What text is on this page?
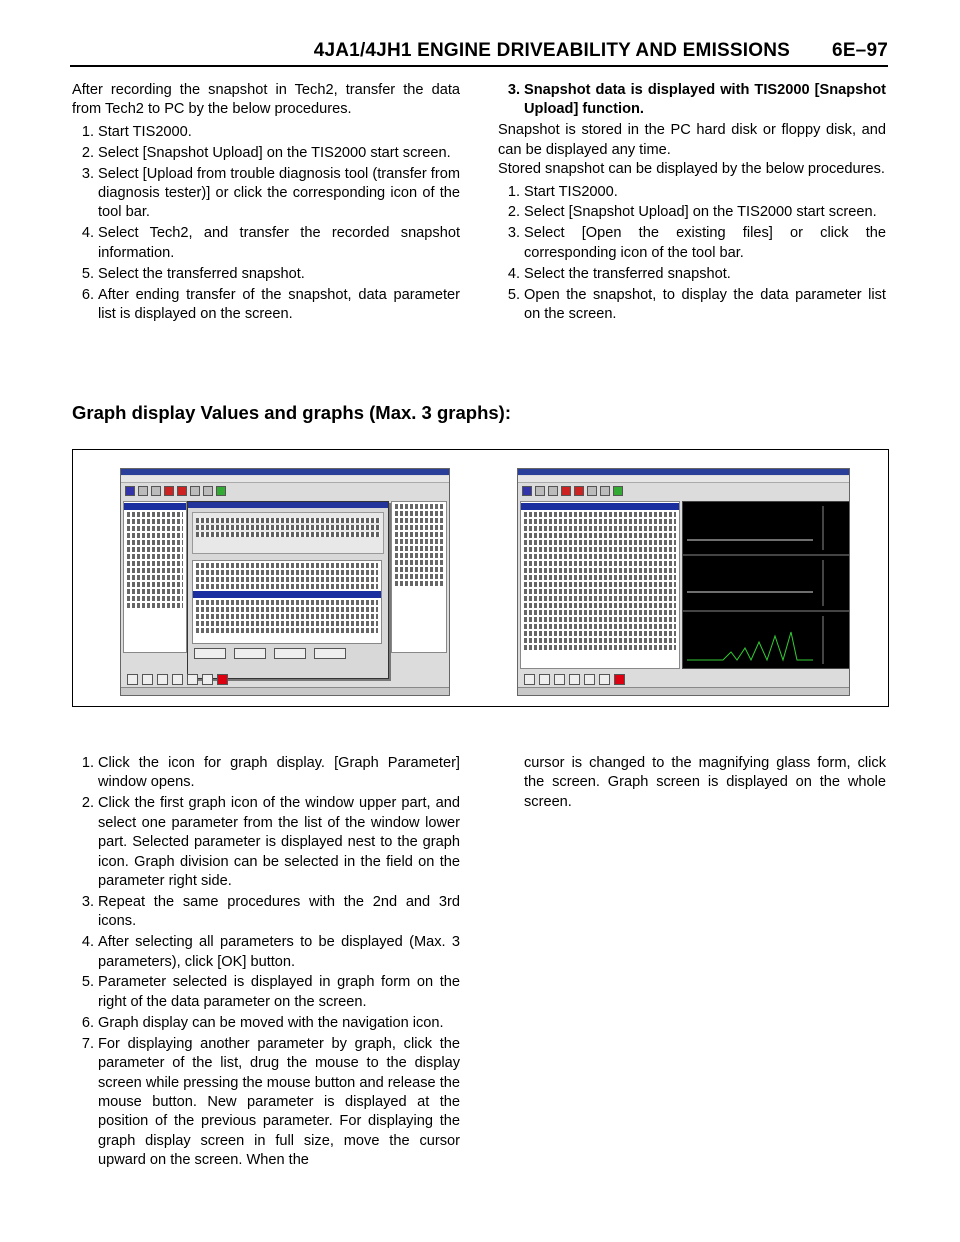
4JA1/4JH1 ENGINE DRIVEABILITY AND EMISSIONS 6E–97

After recording the snapshot in Tech2, transfer the data from Tech2 to PC by the below procedures.

1 . Start TIS2000.
2 . Select [Snapshot Upload] on the TIS2000 start screen.
3 . Select [Upload from trouble diagnosis tool (transfer from diagnosis tester)] or click the corresponding icon of the tool bar.
4 . Select Tech2, and transfer the recorded snapshot information.
5 . Select the transferred snapshot.
6 . After ending transfer of the snapshot, data parameter list is displayed on the screen.
3 . Snapshot data is displayed with TIS2000 [Snapshot Upload] function.

Snapshot is stored in the PC hard disk or floppy disk, and can be displayed any time.

Stored snapshot can be displayed by the below procedures.

1 . Start TIS2000.
2 . Select [Snapshot Upload] on the TIS2000 start screen.
3 . Select [Open the existing files] or click the corresponding icon of the tool bar.
4 . Select the transferred snapshot.
5 . Open the snapshot, to display the data parameter list on the screen.
Graph display Values and graphs (Max. 3 graphs):
1 . Click the icon for graph display. [Graph Parameter] window opens.
2 . Click the first graph icon of the window upper part, and select one parameter from the list of the window lower part. Selected parameter is displayed nest to the graph icon. Graph division can be selected in the field on the parameter right side.
3 . Repeat the same procedures with the 2nd and 3rd icons.
4 . After selecting all parameters to be displayed (Max. 3 parameters), click [OK] button.
5 . Parameter selected is displayed in graph form on the right of the data parameter on the screen.
6 . Graph display can be moved with the navigation icon.
7 . For displaying another parameter by graph, click the parameter of the list, drug the mouse to the display screen while pressing the mouse button and release the mouse button. New parameter is displayed at the position of the previous parameter. For displaying the graph display screen in full size, move the cursor upward on the screen. When the

cursor is changed to the magnifying glass form, click the screen. Graph screen is displayed on the whole screen.
